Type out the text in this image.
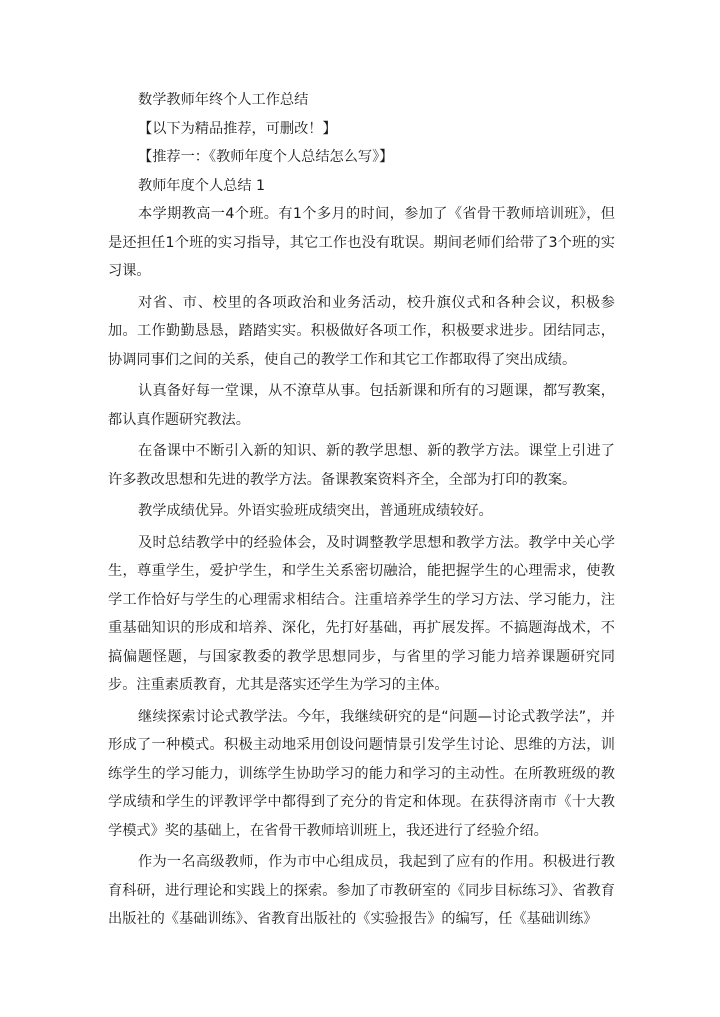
数学教师年终个人工作总结

【以下为精品推荐，可删改！】

【推荐一：《教师年度个人总结怎么写》】

教师年度个人总结 1

本学期教高一4个班。有1个多月的时间，参加了《省骨干教师培训班》，但是还担任1个班的实习指导，其它工作也没有耽误。期间老师们给带了3个班的实习课。

对省、市、校里的各项政治和业务活动，校升旗仪式和各种会议，积极参加。工作勤勤恳恳，踏踏实实。积极做好各项工作，积极要求进步。团结同志，协调同事们之间的关系，使自己的教学工作和其它工作都取得了突出成绩。

认真备好每一堂课，从不潦草从事。包括新课和所有的习题课，都写教案，都认真作题研究教法。

在备课中不断引入新的知识、新的教学思想、新的教学方法。课堂上引进了许多教改思想和先进的教学方法。备课教案资料齐全，全部为打印的教案。

教学成绩优异。外语实验班成绩突出，普通班成绩较好。

及时总结教学中的经验体会，及时调整教学思想和教学方法。教学中关心学生，尊重学生，爱护学生，和学生关系密切融洽，能把握学生的心理需求，使教学工作恰好与学生的心理需求相结合。注重培养学生的学习方法、学习能力，注重基础知识的形成和培养、深化，先打好基础，再扩展发挥。不搞题海战术，不搞偏题怪题，与国家教委的教学思想同步，与省里的学习能力培养课题研究同步。注重素质教育，尤其是落实还学生为学习的主体。

继续探索讨论式教学法。今年，我继续研究的是“问题—讨论式教学法”，并形成了一种模式。积极主动地采用创设问题情景引发学生讨论、思维的方法，训练学生的学习能力，训练学生协助学习的能力和学习的主动性。在所教班级的教学成绩和学生的评教评学中都得到了充分的肯定和体现。在获得济南市《十大教学模式》奖的基础上，在省骨干教师培训班上，我还进行了经验介绍。

作为一名高级教师，作为市中心组成员，我起到了应有的作用。积极进行教育科研，进行理论和实践上的探索。参加了市教研室的《同步目标练习》、省教育出版社的《基础训练》、省教育出版社的《实验报告》的编写，任《基础训练》
